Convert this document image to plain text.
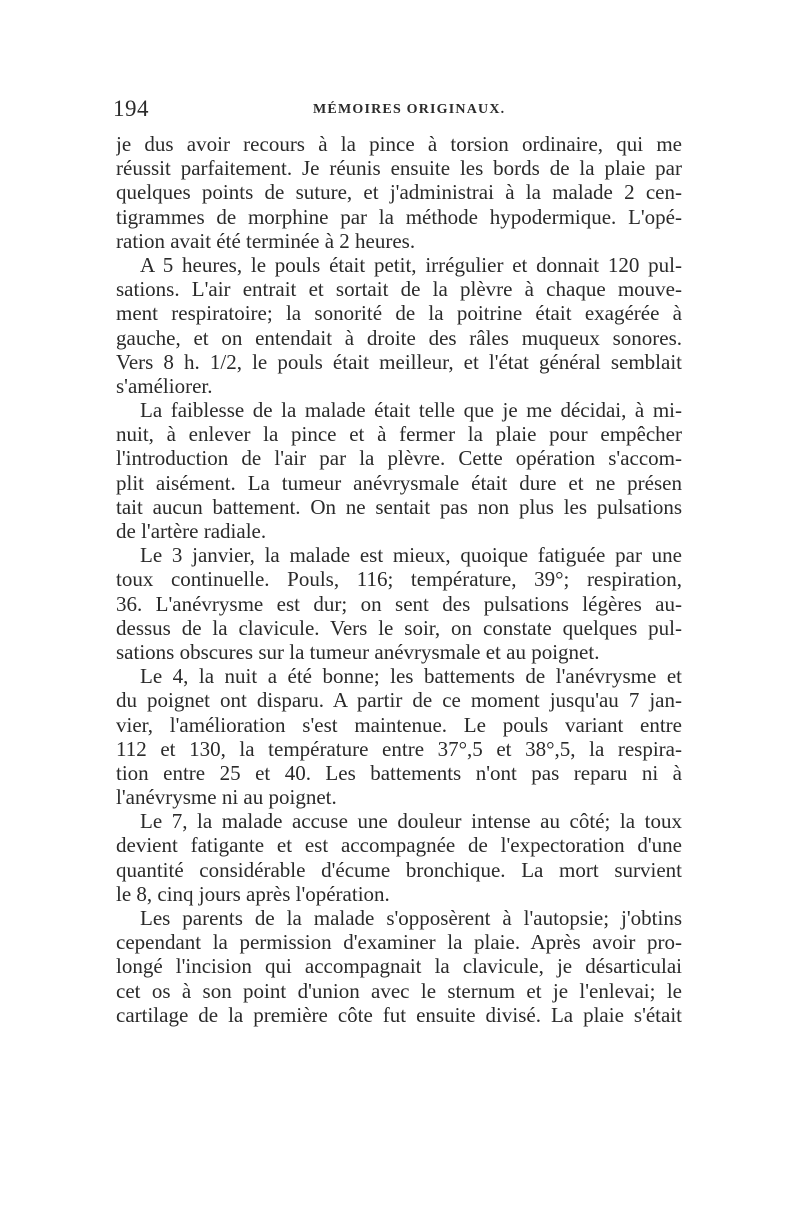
194	MÉMOIRES ORIGINAUX.
je dus avoir recours à la pince à torsion ordinaire, qui me
réussit parfaitement. Je réunis ensuite les bords de la plaie par
quelques points de suture, et j'administrai à la malade 2 cen-
tigrammes de morphine par la méthode hypodermique. L'opé-
ration avait été terminée à 2 heures.
A 5 heures, le pouls était petit, irrégulier et donnait 120 pul-
sations. L'air entrait et sortait de la plèvre à chaque mouve-
ment respiratoire; la sonorité de la poitrine était exagérée à
gauche, et on entendait à droite des râles muqueux sonores.
Vers 8 h. 1/2, le pouls était meilleur, et l'état général semblait
s'améliorer.
La faiblesse de la malade était telle que je me décidai, à mi-
nuit, à enlever la pince et à fermer la plaie pour empêcher
l'introduction de l'air par la plèvre. Cette opération s'accom-
plit aisément. La tumeur anévrysmale était dure et ne présen
tait aucun battement. On ne sentait pas non plus les pulsations
de l'artère radiale.
Le 3 janvier, la malade est mieux, quoique fatiguée par une
toux continuelle. Pouls, 116; température, 39°; respiration,
36. L'anévrysme est dur; on sent des pulsations légères au-
dessus de la clavicule. Vers le soir, on constate quelques pul-
sations obscures sur la tumeur anévrysmale et au poignet.
Le 4, la nuit a été bonne; les battements de l'anévrysme et
du poignet ont disparu. A partir de ce moment jusqu'au 7 jan-
vier, l'amélioration s'est maintenue. Le pouls variant entre
112 et 130, la température entre 37°,5 et 38°,5, la respira-
tion entre 25 et 40. Les battements n'ont pas reparu ni à
l'anévrysme ni au poignet.
Le 7, la malade accuse une douleur intense au côté; la toux
devient fatigante et est accompagnée de l'expectoration d'une
quantité considérable d'écume bronchique. La mort survient
le 8, cinq jours après l'opération.
Les parents de la malade s'opposèrent à l'autopsie; j'obtins
cependant la permission d'examiner la plaie. Après avoir pro-
longé l'incision qui accompagnait la clavicule, je désarticulai
cet os à son point d'union avec le sternum et je l'enlevai; le
cartilage de la première côte fut ensuite divisé. La plaie s'était
